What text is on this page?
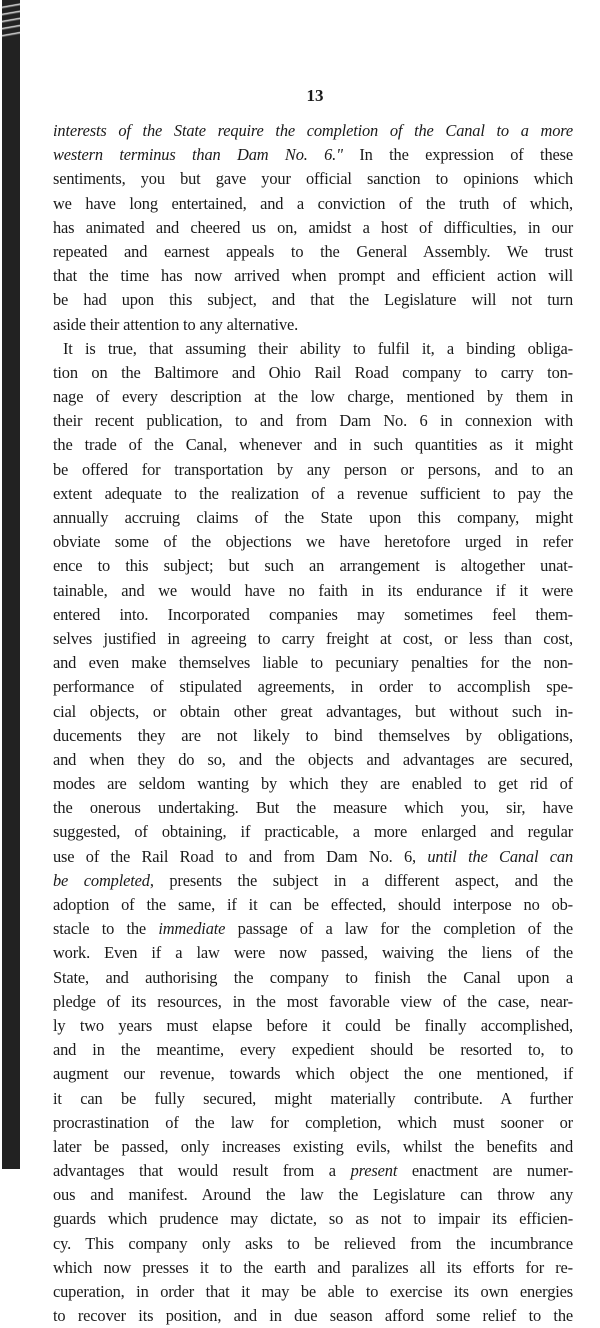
13
interests of the State require the completion of the Canal to a more
western terminus than Dam No. 6." In the expression of these
sentiments, you but gave your official sanction to opinions which
we have long entertained, and a conviction of the truth of which,
has animated and cheered us on, amidst a host of difficulties, in our
repeated and earnest appeals to the General Assembly. We trust
that the time has now arrived when prompt and efficient action will
be had upon this subject, and that the Legislature will not turn
aside their attention to any alternative.
It is true, that assuming their ability to fulfil it, a binding obliga-
tion on the Baltimore and Ohio Rail Road company to carry ton-
nage of every description at the low charge, mentioned by them in
their recent publication, to and from Dam No. 6 in connexion with
the trade of the Canal, whenever and in such quantities as it might
be offered for transportation by any person or persons, and to an
extent adequate to the realization of a revenue sufficient to pay the
annually accruing claims of the State upon this company, might
obviate some of the objections we have heretofore urged in refer
ence to this subject; but such an arrangement is altogether unat-
tainable, and we would have no faith in its endurance if it were
entered into. Incorporated companies may sometimes feel them-
selves justified in agreeing to carry freight at cost, or less than cost,
and even make themselves liable to pecuniary penalties for the non-
performance of stipulated agreements, in order to accomplish spe-
cial objects, or obtain other great advantages, but without such in-
ducements they are not likely to bind themselves by obligations,
and when they do so, and the objects and advantages are secured,
modes are seldom wanting by which they are enabled to get rid of
the onerous undertaking. But the measure which you, sir, have
suggested, of obtaining, if practicable, a more enlarged and regular
use of the Rail Road to and from Dam No. 6, until the Canal can
be completed, presents the subject in a different aspect, and the
adoption of the same, if it can be effected, should interpose no ob-
stacle to the immediate passage of a law for the completion of the
work. Even if a law were now passed, waiving the liens of the
State, and authorising the company to finish the Canal upon a
pledge of its resources, in the most favorable view of the case, near-
ly two years must elapse before it could be finally accomplished,
and in the meantime, every expedient should be resorted to, to
augment our revenue, towards which object the one mentioned, if
it can be fully secured, might materially contribute. A further
procrastination of the law for completion, which must sooner or
later be passed, only increases existing evils, whilst the benefits and
advantages that would result from a present enactment are numer-
ous and manifest. Around the law the Legislature can throw any
guards which prudence may dictate, so as not to impair its efficien-
cy. This company only asks to be relieved from the incumbrance
which now presses it to the earth and paralizes all its efforts for re-
cuperation, in order that it may be able to exercise its own energies
to recover its position, and in due season afford some relief to the
